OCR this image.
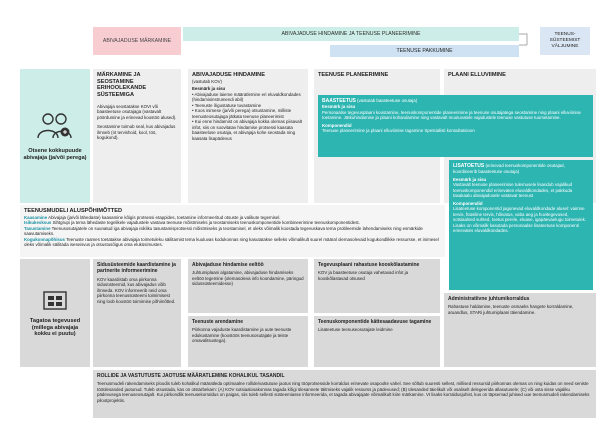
ABIVAJADUSE MÄRKAMINE
ABIVAJADUSE HINDAMINE JA TEENUSE PLANEERIMINE
TEENUSE PAKKUMINE
TEENUS-SÜSTEEMIST VÄLJUMINE
Otsene kokkupuude abivajaja (ja/või perega)
MÄRKAMINE JA SEOSTAMINE ERIHOOLEKANDE SÜSTEEMIGA
Abivajaja seostatakse KOVI või baasteetuse osutajaga (vastavalt pöördumine ja erinevad koostöö alused).
Seostamine toimub seal, kus abivajadus ilmneb (nt tervishoid, kool, töö, kogukond).
ABIVAJADUSE HINDAMINE
(vastutab KOV)
Eesmärk ja sisu
• Abivajaduse laieme määratlemine eri eluvaldkondades (hindamisinstrumendi abil)
• Teenuste õigustatuse tuvastamine
• Koos inimese (ja/või perega) otsustamine, milliste teenusteosutajaga jätkata teenuse planeerimist
• Kui enne hindamist on abivajaja kokka olemas piisavalt infot, siis on soovitatav hindamise protsessi kaasata baasteeluse osutaja, et abivajaja kohe seostada ning kaasata lisapädevus
TEENUSE PLANEERIMINE	PLAANI ELLUVIIMINE
BAASTEETUS (vastutab baasteetuse osutaja)
Eesmärk ja sisu
Personaalse tegevusplaani koostamine, teenuskomponentide planeerimine ja teenuse osutajatega seostamine ning plaani elluviimise toetamine. Jätkuhindamise ja plaani kohandamine ning vastavalt muutuvatele vajadustele teenuse vastutuse tuumetamine.
Komponendid
Teenuse planeerimine ja plaani elluviimise tagamine Spetsialisti konsultatsioon
LISATOETUS (erinevad teenuskomponentide osutajad, koordineerib baasteetuse osutaja)
Eesmärk ja sisu
Vastavalt teenuse planeerimise tulemusele lisandub vajalikud teenuskomponendid erinevates eluvaldkondades, et pakkuda tasakaalu abivajadusele vastavat teenust
Komponendid
Lisateetuse komponentid jagunevad eluvaldkondade alusel: vaimne tervis, füüsiline tervis, hõivatus, vaba aeg ja huvitegevused, sotsiaalsed suhted, toetus perele, eluase, igapäevaelugu toimetulek. Lisaks on võimalik kasutada personaalse lisateetuse komponenti erinevates eluvaldkondades.
TEENUSMUDELI ALUSPÕHIMÕTTED
Kaasamine Abivajaja (ja/või lähedaste) kaasamine kõigis protsessi etappides, toetamine informeeritud otsuste ja valikute tegemisel.
Isikukesksus Sihtgrupi ja tema lähedaste tegelikele vajadustele vastava teenuse mõistmiseks ja teostamiseks teenuskomponentide kombineerimine teenuskomponentidest.
Tasustamine Teenusosutajatele on suunatud iga abivajaja isikliku tasustamisprotsessi mõistmiseks ja teostamisel, et oleks võimalik koostada tegevuskava tema probleemide lahendamiseks ning esmärkide saavutamiseks.
Kogukonnapõhisus Teenuste raames toetatakse abivajaja toimetuleku säilitamist tema kuuluvas kodukonnas ning kasutatakse selleks võimalikult suurel määral olemasolevaid kogukondlikke ressursse, et inimesel oleks võimalik säilitada iseseisvus ja otsustusõigus oma eluküsimustes.
Tagatoa tegevused (millega abivajaja kokku ei puutu)
Sidusüsteemide kaardistamine ja partnerite informeerimine
KOV kaardistab oma piirkonna sidusüsteemid, kus abivajadus võib ilmneda. KOV informeerib neid oma piirkonna teenussüsteemi toimimisest ning loob koostöö toimimise põhimõtted.
Abivajaduse hindamise eeltöö
Juhtumiplaani algatamine, abivajaduse hindamiseks eeltöö tegemine (olemasoleva info koondamine, päringud sidussüsteemidesse)
Tegevusplaani rahastuse kooskõlastamine
KOV ja baasteetuse osutaja vahetavad infot ja kooskõlastavad otsused
Teenuste arendamine
Piirkonna vajaduste kaardistamine ja uute teenuste edukustamine (koostöös teenusosutajate ja teiste omavalitsustega).
Teenuskomponentide kättesaadavuse tagamine
Lisateetuse teenuseosutajate leidmine
Administratiivne juhtumikorraldus
Rahastuse haldamine, teenuste osmaeks hangete korraldamine, aruandlus, STARi juhtumiplaani täiendamine.
ROLLIDE JA VASTUTUSTE JAOTUSE MÄÄRATLEMINE KOHALIKUL TASANDIL
Teenusmudeli rakendamiseks ploodis tuleb kohalikul määratleda optimaalne rollide/vastutuse jaotus ning tööprotsesside korraldus erinevate osapoolte vahel. See sõltub suuresti sellest, millised ressursid piirkonnas olemas on ning kuidas on need seniste tööülesanded jaotunud. Tuleb otsustada, kas on otstarbekam: (A) KOV sotsiaalosakonnas tagada kõigi ülesannete täitmiseks vajalik ressurss ja pädevused; (B) ülesanded täielikult või osaliselt delegeerida allasutusele; (C) või osta sisse vajaliku pädevusega teenuseosutajalt. Kui piirkondlik teenusekorraldus on paigas, siis tuleb sellesti süsteemiasse informeerida, et tagada abivajajate võimalikult kiire märkamine. Vt lisaks korraldusjuhist, kus on täpsemad juhised uue teenusmudeli rakendamiseks pilootprojektis.
